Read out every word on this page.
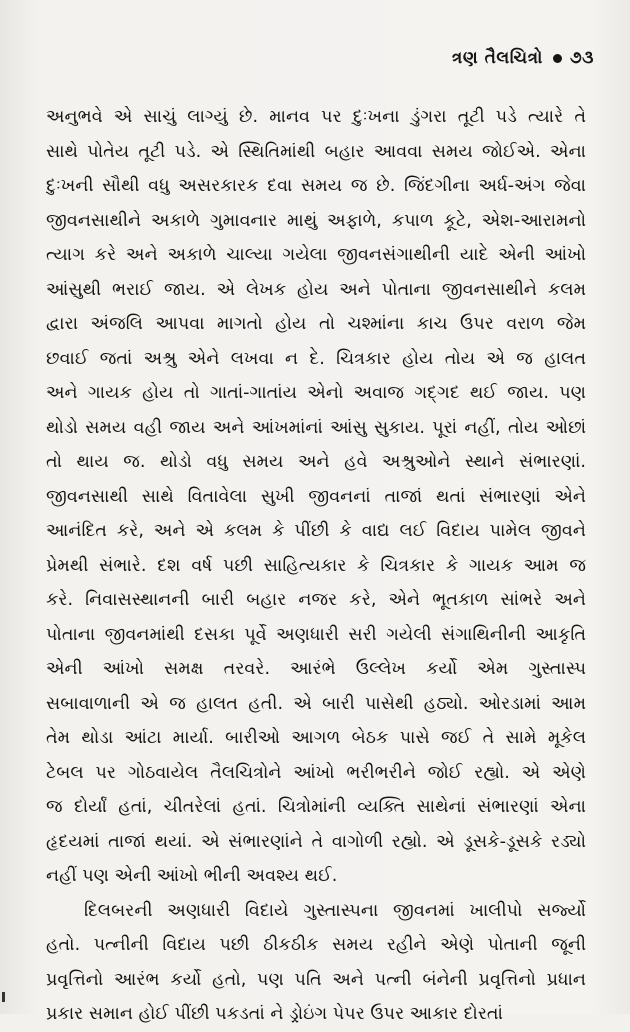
ત્રણ તૈલચિત્રો ૭૩
અનુભવે એ સાચું લાગ્યું છે. માનવ પર દુઃખના ડુંગરા તૂટી પડે ત્યારે તે
સાથે પોતેય તૂટી પડે. એ સ્થિતિમાંથી બહાર આવવા સમય જોઈએ. એના
દુઃખની સૌથી વધુ અસરકારક દવા સમય જ છે. જિંદગીના અર્ધ-અંગ જેવા
જીવનસાથીને અકાળે ગુમાવનાર માથું અફાળે, કપાળ કૂટે, એશ-આરામનો
ત્યાગ કરે અને અકાળે ચાલ્યા ગયેલા જીવનસંગાથીની યાદે એની આંખો
આંસુથી ભરાઈ જાય. એ લેખક હોય અને પોતાના જીવનસાથીને કલમ
દ્વારા અંજલિ આપવા માગતો હોય તો ચશ્માંના કાચ ઉપર વરાળ જેમ
છવાઈ જતાં અશ્રુ એને લખવા ન દે. ચિત્રકાર હોય તોય એ જ હાલત
અને ગાયક હોય તો ગાતાં-ગાતાંય એનો અવાજ ગદ્ગદ થઈ જાય. પણ
થોડો સમય વહી જાય અને આંખમાંનાં આંસુ સુકાય. પૂરાં નહીં, તોય ઓછાં
તો થાય જ. થોડો વધુ સમય અને હવે અશ્રુઓને સ્થાને સંભારણાં.
જીવનસાથી સાથે વિતાવેલા સુખી જીવનનાં તાજાં થતાં સંભારણાં એને
આનંદિત કરે, અને એ કલમ કે પીંછી કે વાદ્ય લઈ વિદાય પામેલ જીવને
પ્રેમથી સંભારે. દશ વર્ષ પછી સાહિત્યકાર કે ચિત્રકાર કે ગાયક આમ જ
કરે. નિવાસસ્થાનની બારી બહાર નજર કરે, એને ભૂતકાળ સાંભરે અને
પોતાના જીવનમાંથી દસકા પૂર્વે અણધારી સરી ગયેલી સંગાથિનીની આકૃતિ
એની આંખો સમક્ષ તરવરે. આરંભે ઉલ્લેખ કર્યો એમ ગુસ્તાસ્પ
સબાવાળાની એ જ હાલત હતી. એ બારી પાસેથી હઠ્યો. ઓરડામાં આમ
તેમ થોડા આંટા માર્યા. બારીઓ આગળ બેઠક પાસે જઈ તે સામે મૂકેલ
ટેબલ પર ગોઠવાયેલ તૈલચિત્રોને આંખો ભરીભરીને જોઈ રહ્યો. એ એણે
જ દોર્યાં હતાં, ચીતરેલાં હતાં. ચિત્રોમાંની વ્યક્તિ સાથેનાં સંભારણાં એના
હૃદયમાં તાજાં થયાં. એ સંભારણાંને તે વાગોળી રહ્યો. એ ડૂસકે-ડૂસકે રડ્યો
નહીં પણ એની આંખો ભીની અવશ્ય થઈ.
દિલબરની અણધારી વિદાયે ગુસ્તાસ્પના જીવનમાં ખાલીપો સર્જ્યો
હતો. પત્નીની વિદાય પછી ઠીકઠીક સમય રહીને એણે પોતાની જૂની
પ્રવૃત્તિનો આરંભ કર્યો હતો, પણ પતિ અને પત્ની બંનેની પ્રવૃત્તિનો પ્રધાન
પ્રકાર સમાન હોઈ પીંછી પકડતાં ને ડ્રોઇંગ પેપર ઉપર આકાર દોરતાં
